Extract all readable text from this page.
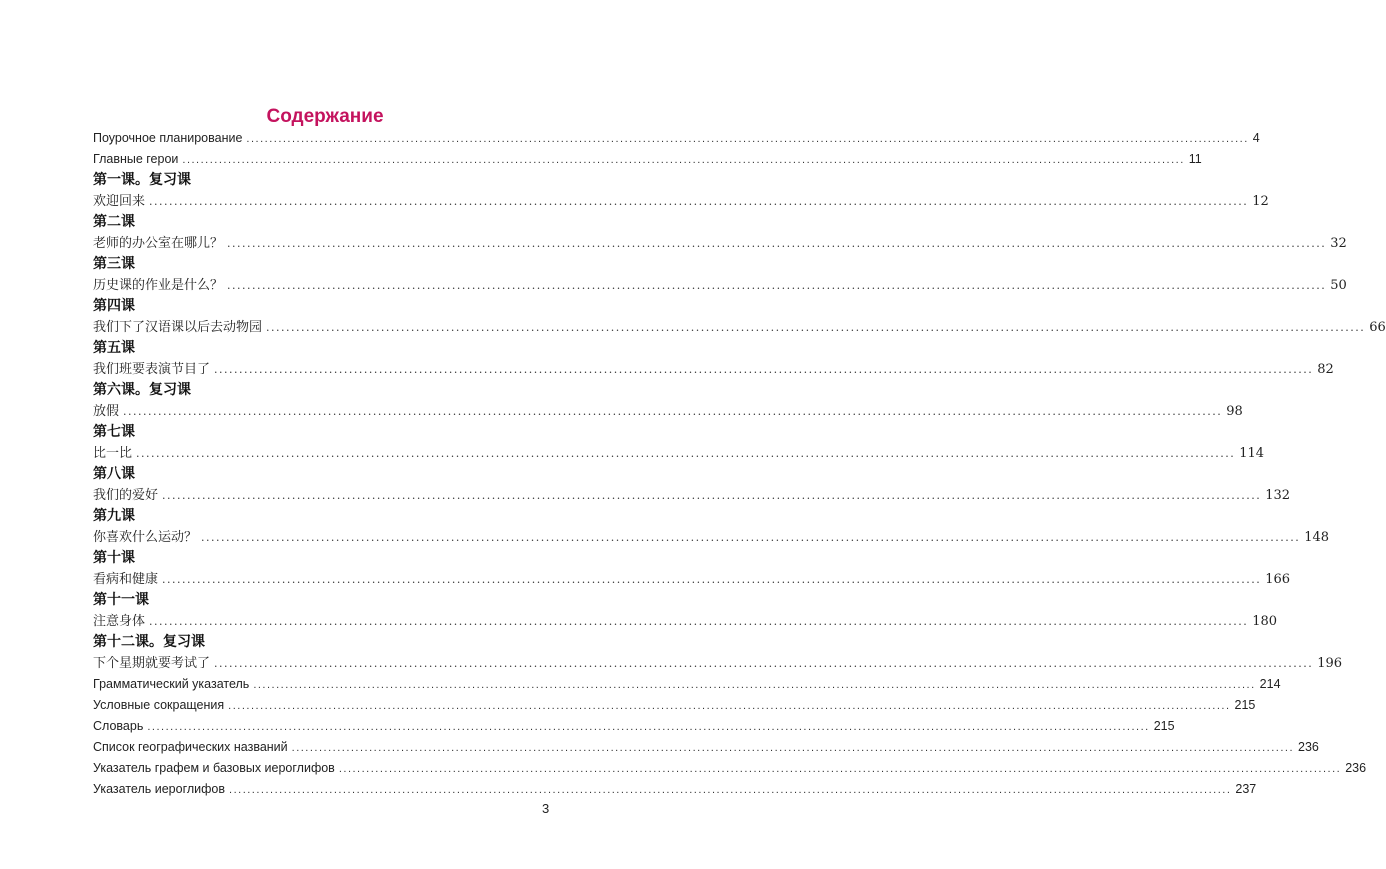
Содержание
Поурочное планирование ............................................................................................................................................................................................................................ 4
Главные герои ............................................................................................................................................................................................................................ 11
第一课。复习课
欢迎回来 ............................................................................................................................................................................................................................ 12
第二课
老师的办公室在哪儿？ ............................................................................................................................................................................................................................ 32
第三课
历史课的作业是什么？ ............................................................................................................................................................................................................................ 50
第四课
我们下了汉语课以后去动物园 ............................................................................................................................................................................................................................ 66
第五课
我们班要表演节目了 ............................................................................................................................................................................................................................ 82
第六课。复习课
放假 ............................................................................................................................................................................................................................ 98
第七课
比一比 ............................................................................................................................................................................................................................ 114
第八课
我们的爱好 ............................................................................................................................................................................................................................ 132
第九课
你喜欢什么运动？ ............................................................................................................................................................................................................................ 148
第十课
看病和健康 ............................................................................................................................................................................................................................ 166
第十一课
注意身体 ............................................................................................................................................................................................................................ 180
第十二课。复习课
下个星期就要考试了 ............................................................................................................................................................................................................................ 196
Грамматический указатель ............................................................................................................................................................................................................................ 214
Условные сокращения ............................................................................................................................................................................................................................ 215
Словарь ............................................................................................................................................................................................................................ 215
Список географических названий ............................................................................................................................................................................................................................ 236
Указатель графем и базовых иероглифов ............................................................................................................................................................................................................................ 236
Указатель иероглифов ............................................................................................................................................................................................................................ 237
3
